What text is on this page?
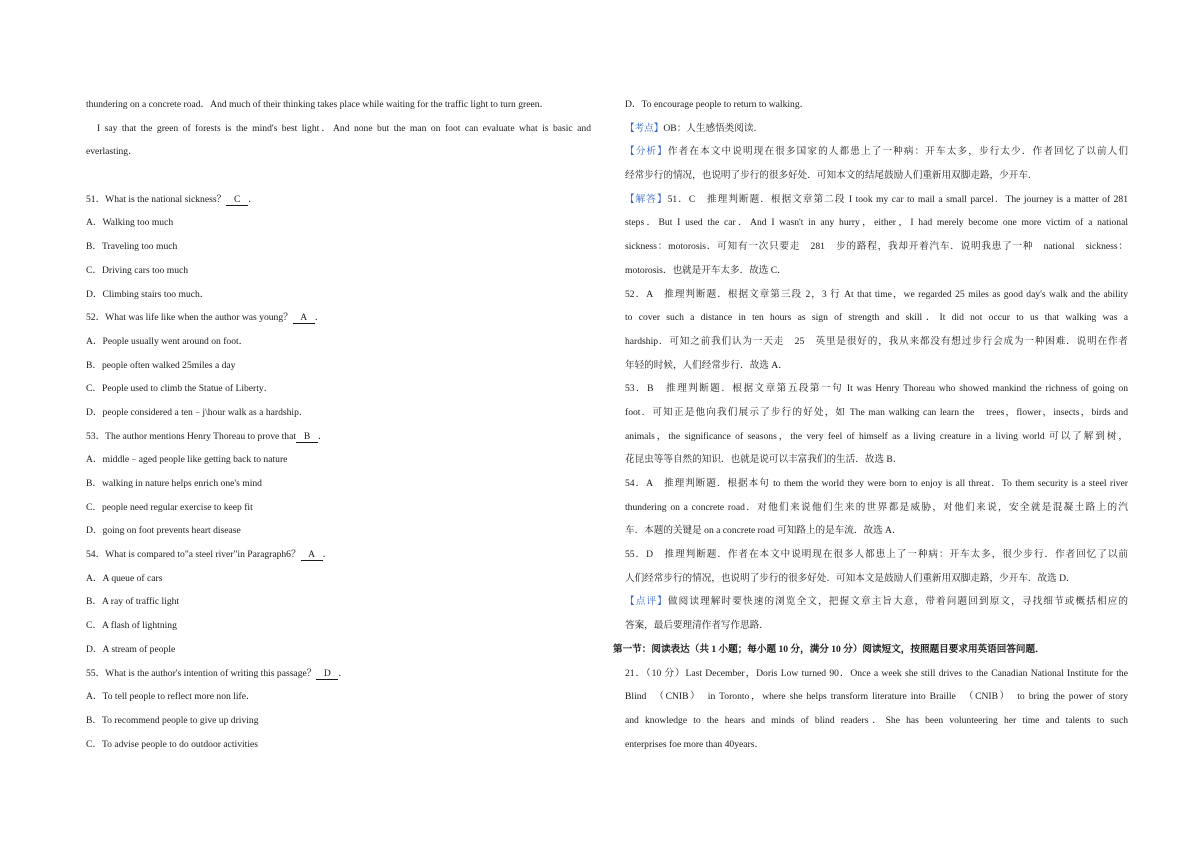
thundering on a concrete road．And much of their thinking takes place while waiting for the traffic light to turn green．
I say that the green of forests is the mind's best light．And none but the man on foot can evaluate what is basic and
everlasting．
51．What is the national sickness？ C ．
A．Walking too much
B．Traveling too much
C．Driving cars too much
D．Climbing stairs too much．
52．What was life like when the author was young？ A ．
A．People usually went around on foot．
B．people often walked 25miles a day
C．People used to climb the Statue of Liberty．
D．people considered a ten﹣j\hour walk as a hardship．
53．The author mentions Henry Thoreau to prove that B ．
A．middle﹣aged people like getting back to nature
B．walking in nature helps enrich one's mind
C．people need regular exercise to keep fit
D．going on foot prevents heart disease
54．What is compared to"a steel river"in Paragraph6？ A ．
A．A queue of cars
B．A ray of traffic light
C．A flash of lightning
D．A stream of people
55．What is the author's intention of writing this passage？ D ．
A．To tell people to reflect more non life．
B．To recommend people to give up driving
C．To advise people to do outdoor activities
D．To encourage people to return to walking．
【考点】OB：人生感悟类阅读．
【分析】作者在本文中说明现在很多国家的人都患上了一种病：开车太多，步行太少．作者回忆了以前人们
经常步行的情况，也说明了步行的很多好处．可知本文的结尾鼓励人们重新用双脚走路，少开车．
【解答】51．C　推理判断题．根据文章第二段 I took my car to mail a small parcel．The journey is a matter of 281
steps．But I used the car．And I wasn't in any hurry，either，I had merely become one more victim of a national
sickness：motorosis．可知有一次只要走　281　步的路程，我却开着汽车．说明我患了一种　national　sickness：
motorosis．也就是开车太多．故选 C．
52．A　推理判断题．根据文章第三段 2，3 行 At that time，we regarded 25 miles as good day's walk and the ability
to cover such a distance in ten hours as sign of strength and skill．It did not occur to us that walking was a
hardship．可知之前我们认为一天走　25　英里是很好的，我从来都没有想过步行会成为一种困难．说明在作者
年轻的时候，人们经常步行．故选 A．
53．B　推理判断题．根据文章第五段第一句 It was Henry Thoreau who showed mankind the richness of going on
foot．可知正是他向我们展示了步行的好处，如 The man walking can learn the　trees，flower，insects，birds and
animals，the significance of seasons，the very feel of himself as a living creature in a living world 可以了解到树，
花昆虫等等自然的知识．也就是说可以丰富我们的生活．故选 B．
54．A　推理判断题．根据本句 to them the world they were born to enjoy is all threat．To them security is a steel river
thundering on a concrete road．对他们来说他们生来的世界都是威胁，对他们来说，安全就是混凝土路上的汽
车．本题的关键是 on a concrete road 可知路上的是车流．故选 A．
55．D　推理判断题．作者在本文中说明现在很多人都患上了一种病：开车太多，很少步行．作者回忆了以前
人们经常步行的情况，也说明了步行的很多好处．可知本文是鼓励人们重新用双脚走路，少开车．故选 D．
【点评】做阅读理解时要快速的浏览全文，把握文章主旨大意，带着问题回到原文，寻找细节或概括相应的
答案，最后要理清作者写作思路．
第一节：阅读表达（共 1 小题；每小题 10 分，满分 10 分）阅读短文，按照题目要求用英语回答问题．
21．（10 分）Last December，Doris Low turned 90．Once a week she still drives to the Canadian National Institute for the
Blind　（CNIB）　in Toronto，where she helps transform literature into Braille　（CNIB）　to bring the power of story
and knowledge to the hears and minds of blind readers．She has been volunteering her time and talents to such
enterprises foe more than 40years．
